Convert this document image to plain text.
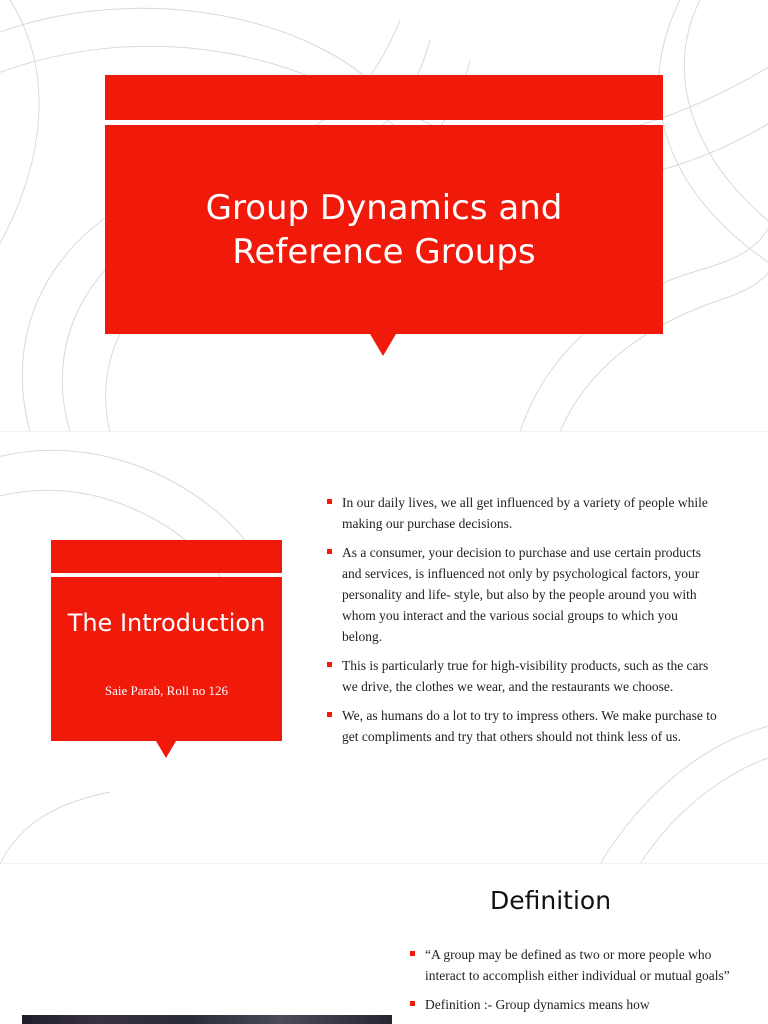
Group Dynamics and Reference Groups
The Introduction
Saie Parab, Roll no 126
In our daily lives, we all get influenced by a variety of people while making our purchase decisions.
As a consumer, your decision to purchase and use certain products and services, is influenced not only by psychological factors, your personality and life- style, but also by the people around you with whom you interact and the various social groups to which you belong.
This is particularly true for high-visibility products, such as the cars we drive, the clothes we wear, and the restaurants we choose.
We, as humans do a lot to try to impress others. We make purchase to get compliments and try that others should not think less of us.
Definition
“A group may be defined as two or more people who interact to accomplish either individual or mutual goals”
Definition :- Group dynamics means how
